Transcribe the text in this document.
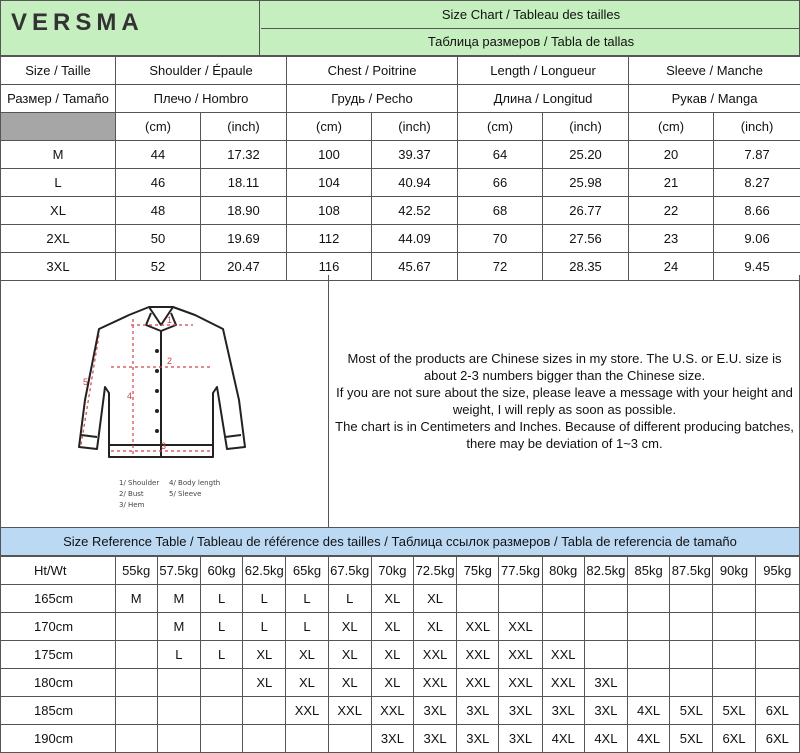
VERSMA	Size Chart / Tableau des tailles
Таблица размеров / Tabla de tallas
Size / Taille	Shoulder / Épaule		Chest / Poitrine		Length / Longueur		Sleeve / Manche	
Размер / Tamaño	Плечо / Hombro		Грудь / Pecho		Длина / Longitud		Рукав / Manga	
	(cm)	(inch)	(cm)	(inch)	(cm)	(inch)	(cm)	(inch)
M	44	17.32	100	39.37	64	25.20	20	7.87
L	46	18.11	104	40.94	66	25.98	21	8.27
XL	48	18.90	108	42.52	68	26.77	22	8.66
2XL	50	19.69	112	44.09	70	27.56	23	9.06
3XL	52	20.47	116	45.67	72	28.35	24	9.45
1
2
3
4
5
1/ Shoulder
2/ Bust
3/ Hem
4/ Body length
5/ Sleeve
Most of the products are Chinese sizes in my store. The U.S. or E.U. size is about 2-3 numbers bigger than the Chinese size.
If you are not sure about the size, please leave a message with your height and weight, I will reply as soon as possible.
The chart is in Centimeters and Inches. Because of different producing batches, there may be deviation of 1~3 cm.
Size Reference Table / Tableau de référence des tailles / Таблица ссылок размеров / Tabla de referencia de tamaño
Ht/Wt	55kg	57.5kg	60kg	62.5kg	65kg	67.5kg	70kg	72.5kg	75kg	77.5kg	80kg	82.5kg	85kg	87.5kg	90kg	95kg
165cm	M	M	L	L	L	L	XL	XL								
170cm		M	L	L	L	XL	XL	XL	XXL	XXL						
175cm		L	L	XL	XL	XL	XL	XXL	XXL	XXL	XXL					
180cm				XL	XL	XL	XL	XXL	XXL	XXL	XXL	3XL				
185cm					XXL	XXL	XXL	3XL	3XL	3XL	3XL	3XL	4XL	5XL	5XL	6XL
190cm							3XL	3XL	3XL	3XL	4XL	4XL	4XL	5XL	6XL	6XL
